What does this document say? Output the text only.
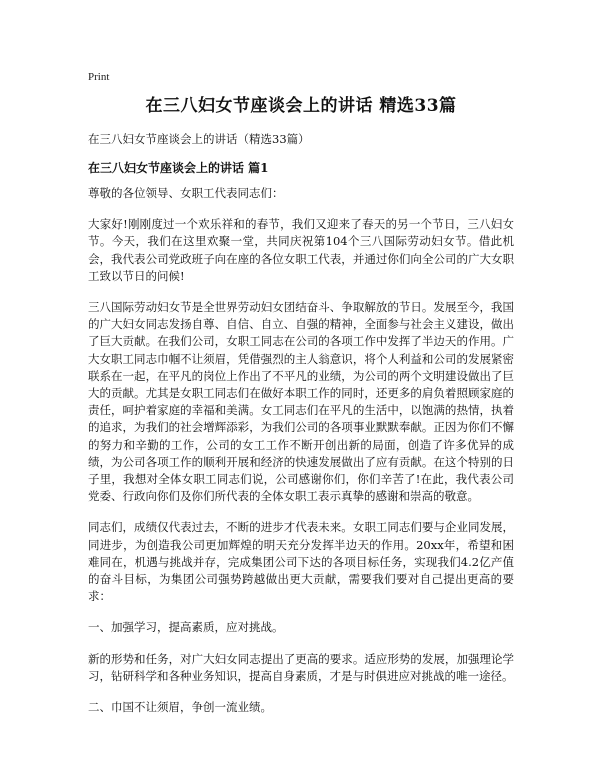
Print
在三八妇女节座谈会上的讲话 精选33篇
在三八妇女节座谈会上的讲话（精选33篇）
在三八妇女节座谈会上的讲话 篇1

尊敬的各位领导、女职工代表同志们：

大家好!刚刚度过一个欢乐祥和的春节，我们又迎来了春天的另一个节日，三八妇女节。今天，我们在这里欢聚一堂，共同庆祝第104个三八国际劳动妇女节。借此机会，我代表公司党政班子向在座的各位女职工代表，并通过你们向全公司的广大女职工致以节日的问候!

三八国际劳动妇女节是全世界劳动妇女团结奋斗、争取解放的节日。发展至今，我国的广大妇女同志发扬自尊、自信、自立、自强的精神，全面参与社会主义建设，做出了巨大贡献。在我们公司，女职工同志在公司的各项工作中发挥了半边天的作用。广大女职工同志巾帼不让须眉，凭借强烈的主人翁意识，将个人利益和公司的发展紧密联系在一起，在平凡的岗位上作出了不平凡的业绩，为公司的两个文明建设做出了巨大的贡献。尤其是女职工同志们在做好本职工作的同时，还更多的肩负着照顾家庭的责任，呵护着家庭的幸福和美满。女工同志们在平凡的生活中，以饱满的热情，执着的追求，为我们的社会增辉添彩，为我们公司的各项事业默默奉献。正因为你们不懈的努力和辛勤的工作，公司的女工工作不断开创出新的局面，创造了许多优异的成绩，为公司各项工作的顺利开展和经济的快速发展做出了应有贡献。在这个特别的日子里，我想对全体女职工同志们说，公司感谢你们，你们辛苦了!在此，我代表公司党委、行政向你们及你们所代表的全体女职工表示真挚的感谢和崇高的敬意。

同志们，成绩仅代表过去，不断的进步才代表未来。女职工同志们要与企业同发展，同进步，为创造我公司更加辉煌的明天充分发挥半边天的作用。20xx年，希望和困难同在，机遇与挑战并存，完成集团公司下达的各项目标任务，实现我们4.2亿产值的奋斗目标，为集团公司强势跨越做出更大贡献，需要我们要对自己提出更高的要求：

一、加强学习，提高素质，应对挑战。

新的形势和任务，对广大妇女同志提出了更高的要求。适应形势的发展，加强理论学习，钻研科学和各种业务知识，提高自身素质，才是与时俱进应对挑战的唯一途径。

二、巾国不让须眉，争创一流业绩。
